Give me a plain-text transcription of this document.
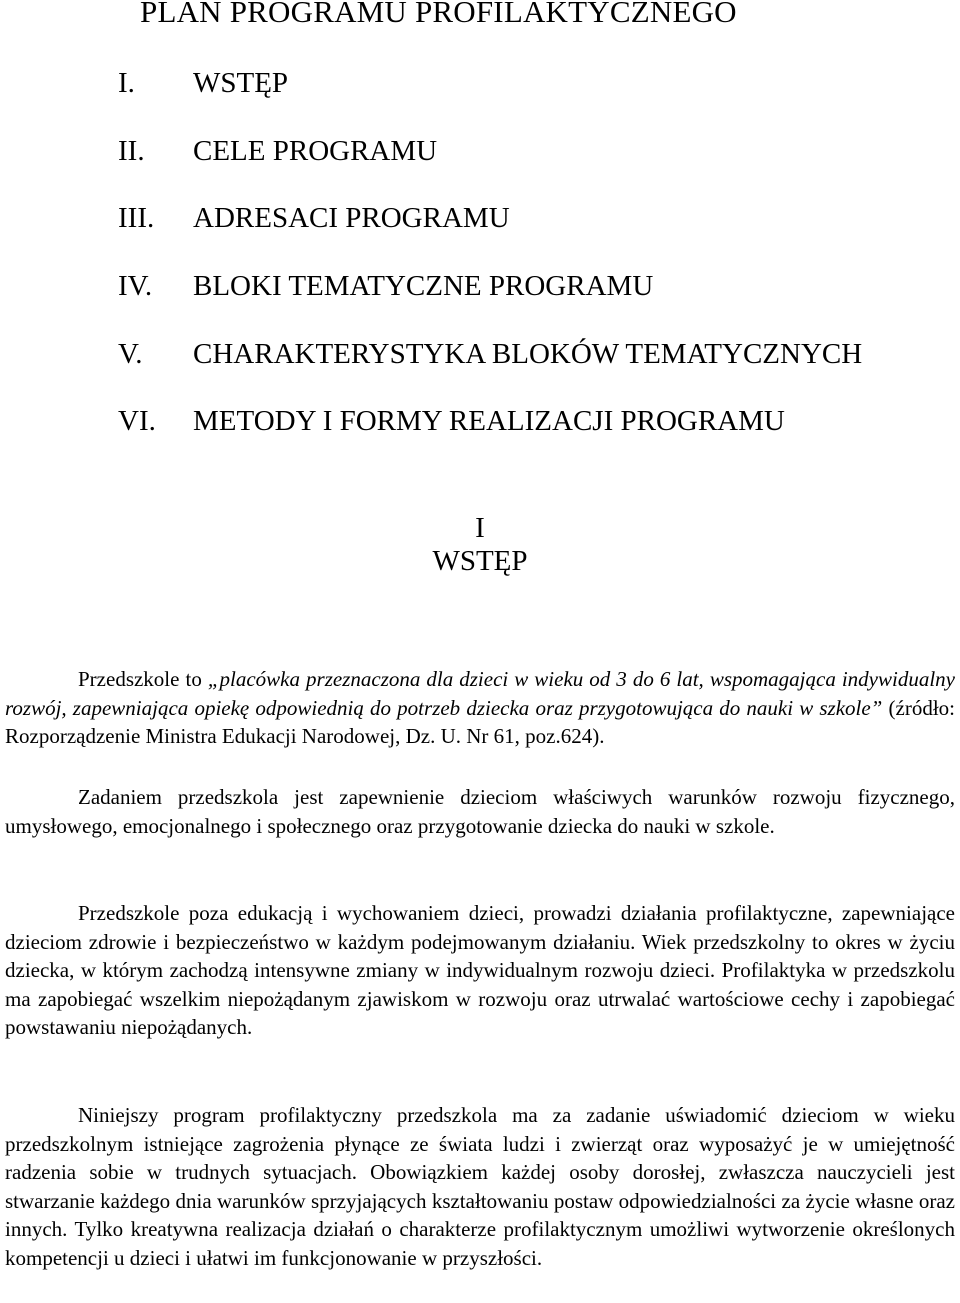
PLAN PROGRAMU PROFILAKTYCZNEGO
I. WSTĘP
II. CELE PROGRAMU
III. ADRESACI PROGRAMU
IV. BLOKI TEMATYCZNE PROGRAMU
V. CHARAKTERYSTYKA BLOKÓW TEMATYCZNYCH
VI. METODY I FORMY REALIZACJI PROGRAMU
I
WSTĘP

Przedszkole to „placówka przeznaczona dla dzieci w wieku od 3 do 6 lat, wspomagająca indywidualny rozwój, zapewniająca opiekę odpowiednią do potrzeb dziecka oraz przygotowująca do nauki w szkole” (źródło: Rozporządzenie Ministra Edukacji Narodowej, Dz. U. Nr 61, poz.624).

Zadaniem przedszkola jest zapewnienie dzieciom właściwych warunków rozwoju fizycznego, umysłowego, emocjonalnego i społecznego oraz przygotowanie dziecka do nauki w szkole.

Przedszkole poza edukacją i wychowaniem dzieci, prowadzi działania profilaktyczne, zapewniające dzieciom zdrowie i bezpieczeństwo w każdym podejmowanym działaniu. Wiek przedszkolny to okres w życiu dziecka, w którym zachodzą intensywne zmiany w indywidualnym rozwoju dzieci. Profilaktyka w przedszkolu ma zapobiegać wszelkim niepożądanym zjawiskom w rozwoju oraz utrwalać wartościowe cechy i zapobiegać powstawaniu niepożądanych.

Niniejszy program profilaktyczny przedszkola ma za zadanie uświadomić dzieciom w wieku przedszkolnym istniejące zagrożenia płynące ze świata ludzi i zwierząt oraz wyposażyć je w umiejętność radzenia sobie w trudnych sytuacjach. Obowiązkiem każdej osoby dorosłej, zwłaszcza nauczycieli jest stwarzanie każdego dnia warunków sprzyjających kształtowaniu postaw odpowiedzialności za życie własne oraz innych. Tylko kreatywna realizacja działań o charakterze profilaktycznym umożliwi wytworzenie określonych kompetencji u dzieci i ułatwi im funkcjonowanie w przyszłości.
